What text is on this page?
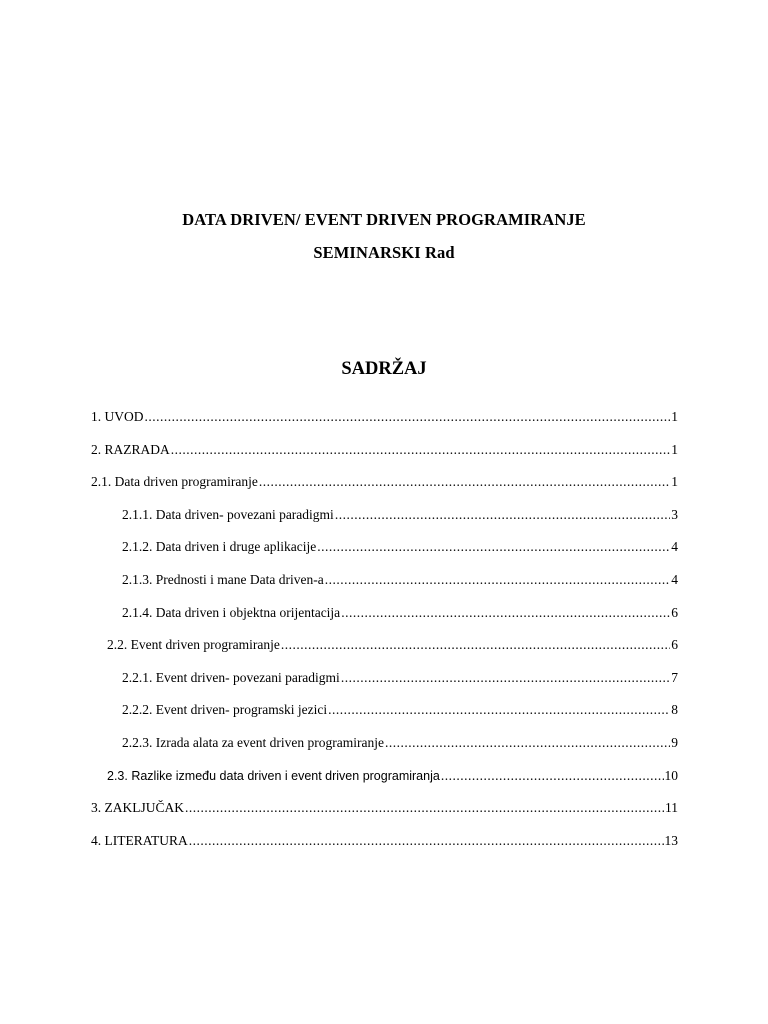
DATA DRIVEN/ EVENT DRIVEN PROGRAMIRANJE
SEMINARSKI Rad
SADRŽAJ
1. UVOD .....	1
2. RAZRADA .....	1
2.1. Data driven programiranje .....	1
2.1.1. Data driven- povezani paradigmi .....	3
2.1.2. Data driven i druge aplikacije .....	4
2.1.3. Prednosti i mane Data driven-a .....	4
2.1.4. Data driven i objektna orijentacija .....	6
2.2. Event driven programiranje .....	6
2.2.1. Event driven- povezani paradigmi .....	7
2.2.2. Event driven- programski jezici .....	8
2.2.3. Izrada alata za event driven programiranje .....	9
2.3. Razlike između data driven i event driven programiranja .....	10
3. ZAKLJUČAK .....	11
4. LITERATURA .....	13
